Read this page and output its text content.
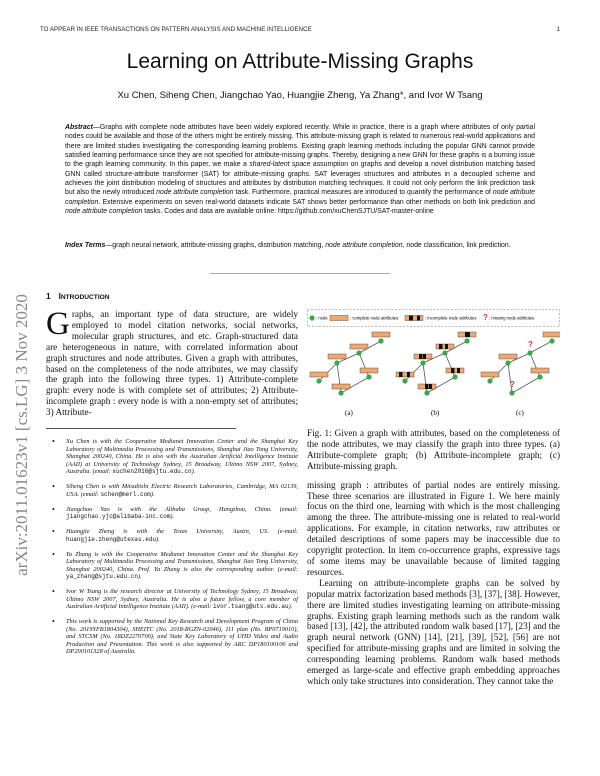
TO APPEAR IN IEEE TRANSACTIONS ON PATTERN ANALYSIS AND MACHINE INTELLIGENCE	1
Learning on Attribute-Missing Graphs
Xu Chen, Siheng Chen, Jiangchao Yao, Huangjie Zheng, Ya Zhang*, and Ivor W Tsang
Abstract—Graphs with complete node attributes have been widely explored recently. While in practice, there is a graph where attributes of only partial nodes could be available and those of the others might be entirely missing. This attribute-missing graph is related to numerous real-world applications and there are limited studies investigating the corresponding learning problems. Existing graph learning methods including the popular GNN cannot provide satisfied learning performance since they are not specified for attribute-missing graphs. Thereby, designing a new GNN for these graphs is a burning issue to the graph learning community. In this paper, we make a shared-latent space assumption on graphs and develop a novel distribution matching based GNN called structure-attribute transformer (SAT) for attribute-missing graphs. SAT leverages structures and attributes in a decoupled scheme and achieves the joint distribution modeling of structures and attributes by distribution matching techniques. It could not only perform the link prediction task but also the newly introduced node attribute completion task. Furthermore, practical measures are introduced to quantify the performance of node attribute completion. Extensive experiments on seven real-world datasets indicate SAT shows better performance than other methods on both link prediction and node attribute completion tasks. Codes and data are available online: https://github.com/xuChenSJTU/SAT-master-online
Index Terms—graph neural network, attribute-missing graphs, distribution matching, node attribute completion, node classification, link prediction.
arXiv:2011.01623v1 [cs.LG] 3 Nov 2020 1 INTRODUCTION

Graphs, an important type of data structure, are widely employed to model citation networks, social networks, molecular graph structures, and etc. Graph-structured data are heterogeneous in nature, with correlated information about graph structures and node attributes. Given a graph with attributes, based on the completeness of the node attributes, we may classify the graph into the following three types. 1) Attribute-complete graph: every node is with complete set of attributes; 2) Attribute-incomplete graph : every node is with a non-empty set of attributes; 3) Attribute-

• Xu Chen is with the Cooperative Medianet Innovation Center and the Shanghai Key Laboratory of Multimedia Processing and Transmissions, Shanghai Jiao Tong University, Shanghai 200240, China. He is also with the Australian Artificial Intelligence Institute (AAII) at University of Technology Sydney, 15 Broadway, Ultimo NSW 2007, Sydney, Australia. (email: xuchen2016@sjtu.edu.cn).
• Siheng Chen is with Mitsubishi Electric Research Laboratories, Cambridge, MA 02139, USA. (email: schen@merl.com).
• Jiangchao Yao is with the Alibaba Group, Hangzhou, China. (email: jiangchao.yjc@alibaba-inc.com).
• Huangjie Zheng is with the Texas University, Austin, US. (e-mail: huangjie.zheng@utexas.edu).
• Ya Zhang is with the Cooperative Medianet Innovation Center and the Shanghai Key Laboratory of Multimedia Processing and Transmissions, Shanghai Jiao Tong University, Shanghai 200240, China. Prof. Ya Zhang is also the corresponding author. (e-mail: ya_zhang@sjtu.edu.cn).
• Ivor W Tsang is the research director at University of Technology Sydney, 15 Broadway, Ultimo NSW 2007, Sydney, Australia. He is also a future fellow, a core member of Australian Artificial Intelligence Institute (AAII). (e-mail: ivor.tsang@uts.edu.au).

• This work is supported by the National Key Research and Development Program of China (No. 2019YFB1804304), SHEITC (No. 2018-RGZN-02046), 111 plan (No. BP0719010), and STCSM (No. 18DZ2270700), and State Key Laboratory of UHD Video and Audio Production and Presentation. This work is also supported by ARC DP180100106 and DP200101328 of Australia.

: node	: complete node attributes	: incomplete node attributes ? : missing node attributes
?
?
(a)	(b)	(c)

Fig. 1: Given a graph with attributes, based on the completeness of the node attributes, we may classify the graph into three types. (a) Attribute-complete graph; (b) Attribute-incomplete graph; (c) Attribute-missing graph.

missing graph : attributes of partial nodes are entirely missing. These three scenarios are illustrated in Figure 1. We here mainly focus on the third one, learning with which is the most challenging among the three. The attribute-missing one is related to real-world applications. For example, in citation networks, raw attributes or detailed descriptions of some papers may be inaccessible due to copyright protection. In item co-occurrence graphs, expressive tags of some items may be unavailable because of limited tagging resources.

Learning on attribute-incomplete graphs can be solved by popular matrix factorization based methods [3], [37], [38]. However, there are limited studies investigating learning on attribute-missing graphs. Existing graph learning methods such as the random walk based [13], [42], the attributed random walk based [17], [23] and the graph neural network (GNN) [14], [21], [39], [52], [56] are not specified for attribute-missing graphs and are limited in solving the corresponding learning problems. Random walk based methods emerged as large-scale and effective graph embedding approaches which only take structures into consideration. They cannot take the
